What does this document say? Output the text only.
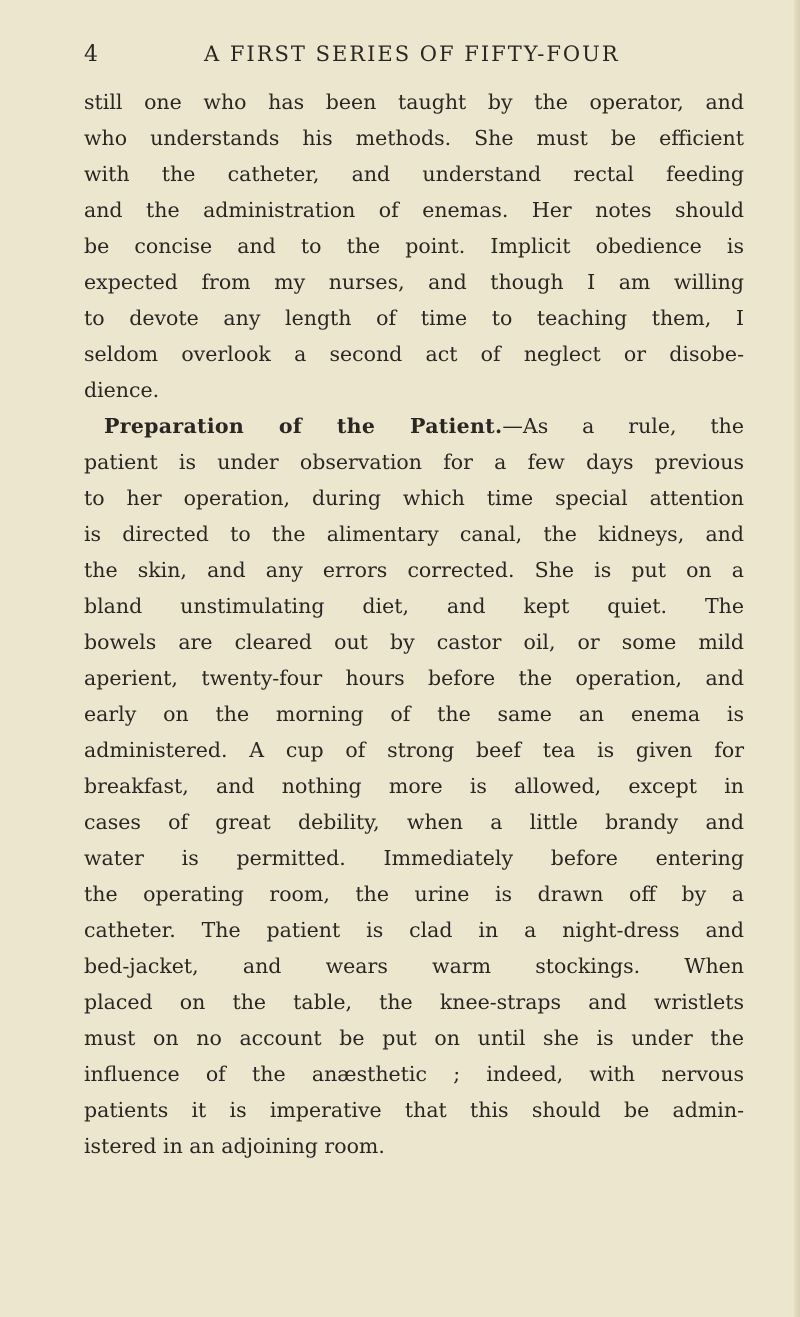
4	A FIRST SERIES OF FIFTY-FOUR
still one who has been taught by the operator, and
who understands his methods. She must be efficient
with the catheter, and understand rectal feeding
and the administration of enemas. Her notes should
be concise and to the point. Implicit obedience is
expected from my nurses, and though I am willing
to devote any length of time to teaching them, I
seldom overlook a second act of neglect or disobe-
dience.
Preparation of the Patient.—As a rule, the
patient is under observation for a few days previous
to her operation, during which time special attention
is directed to the alimentary canal, the kidneys, and
the skin, and any errors corrected. She is put on a
bland unstimulating diet, and kept quiet. The
bowels are cleared out by castor oil, or some mild
aperient, twenty-four hours before the operation, and
early on the morning of the same an enema is
administered. A cup of strong beef tea is given for
breakfast, and nothing more is allowed, except in
cases of great debility, when a little brandy and
water is permitted. Immediately before entering
the operating room, the urine is drawn off by a
catheter. The patient is clad in a night-dress and
bed-jacket, and wears warm stockings. When
placed on the table, the knee-straps and wristlets
must on no account be put on until she is under the
influence of the anæsthetic ; indeed, with nervous
patients it is imperative that this should be admin-
istered in an adjoining room.
